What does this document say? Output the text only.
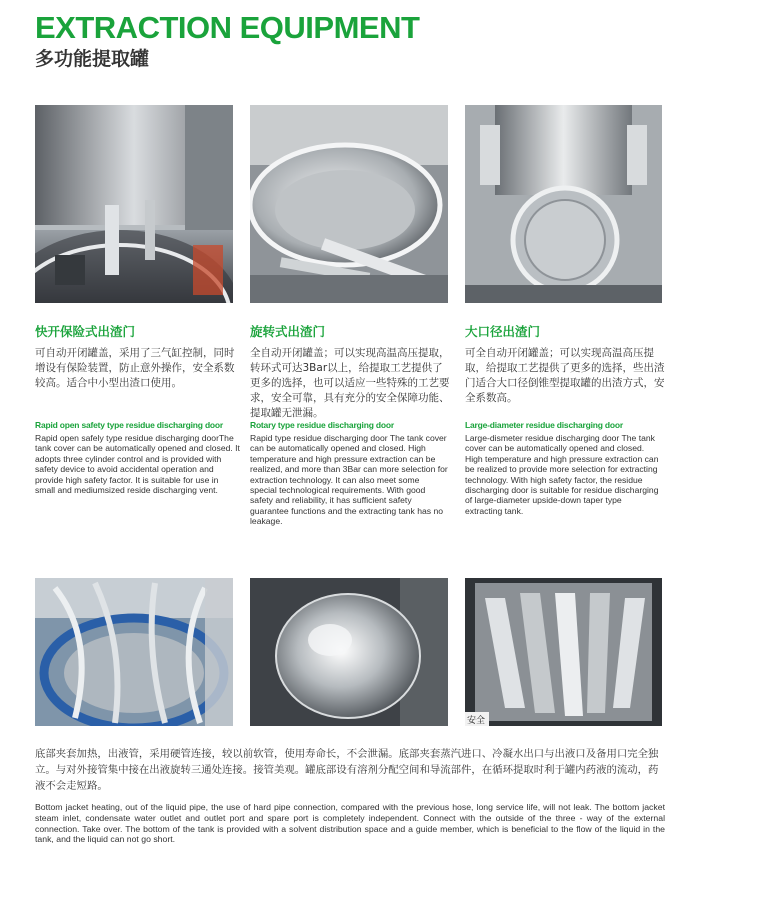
EXTRACTION EQUIPMENT
多功能提取罐
快开保险式出渣门

可自动开闭罐盖，采用了三气缸控制，同时增设有保险装置，防止意外操作，安全系数较高。适合中小型出渣口使用。

Rapid open safety type residue discharging door

Rapid open safely type residue discharging doorThe tank cover can be automatically opened and closed. It adopts three cylinder control and is provided with safety device to avoid accidental operation and provide high safety factor. It is suitable for use in small and mediumsized reside discharging vent.

旋转式出渣门

全自动开闭罐盖；可以实现高温高压提取，转环式可达3Bar以上，给提取工艺提供了更多的选择，也可以适应一些特殊的工艺要求，安全可靠，具有充分的安全保障功能、提取罐无泄漏。

Rotary type residue discharging door

Rapid type residue discharging door The tank cover can be automatically opened and closed. High temperature and high pressure extraction can be realized, and more than 3Bar can more selection for extraction technology. It can also meet some special technological requirements. With good safety and reliability, it has sufficient safety guarantee functions and the extracting tank has no leakage.

大口径出渣门

可全自动开闭罐盖；可以实现高温高压提取，给提取工艺提供了更多的选择，些出渣门适合大口径倒锥型提取罐的出渣方式，安全系数高。

Large-diameter residue discharging door

Large-dismeter residue discharging door The tank cover can be automatically opened and closed. High temperature and high pressure extraction can be realized to provide more selection for extracting technology. With high safety factor, the residue discharging door is suitable for residue discharging of large-diameter upside-down taper type extracting tank.

安全
底部夹套加热，出液管，采用硬管连接，较以前软管，使用寿命长，不会泄漏。底部夹套蒸汽进口、冷凝水出口与出液口及备用口完全独立。与对外接管集中接在出液旋转三通处连接。接管美观。罐底部设有溶剂分配空间和导流部件，在循环提取时利于罐内药液的流动，药液不会走短路。
Bottom jacket heating, out of the liquid pipe, the use of hard pipe connection, compared with the previous hose, long service life, will not leak. The bottom jacket steam inlet, condensate water outlet and outlet port and spare port is completely independent. Connect with the outside of the three - way of the external connection. Take over. The bottom of the tank is provided with a solvent distribution space and a guide member, which is beneficial to the flow of the liquid in the tank, and the liquid can not go short.
